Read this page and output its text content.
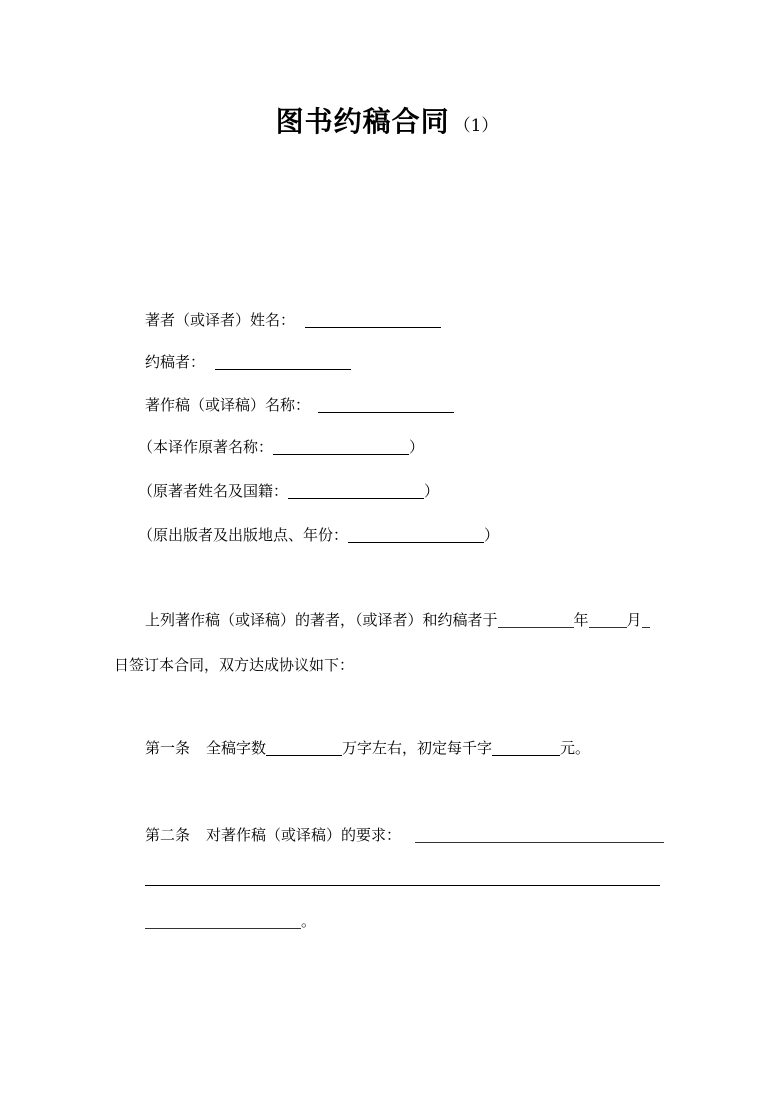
图书约稿合同 （1）
著者（或译者）姓名：
约稿者：
著作稿（或译稿）名称：
（本译作原著名称：	）
（原著者姓名及国籍：	）
（原出版者及出版地点、年份：	）
上列著作稿（或译稿）的著者，（或译者）和约稿者于	年	月
日签订本合同，双方达成协议如下：
第一条 全稿字数	万字左右，初定每千字	元。
第二条 对著作稿（或译稿）的要求：
。
